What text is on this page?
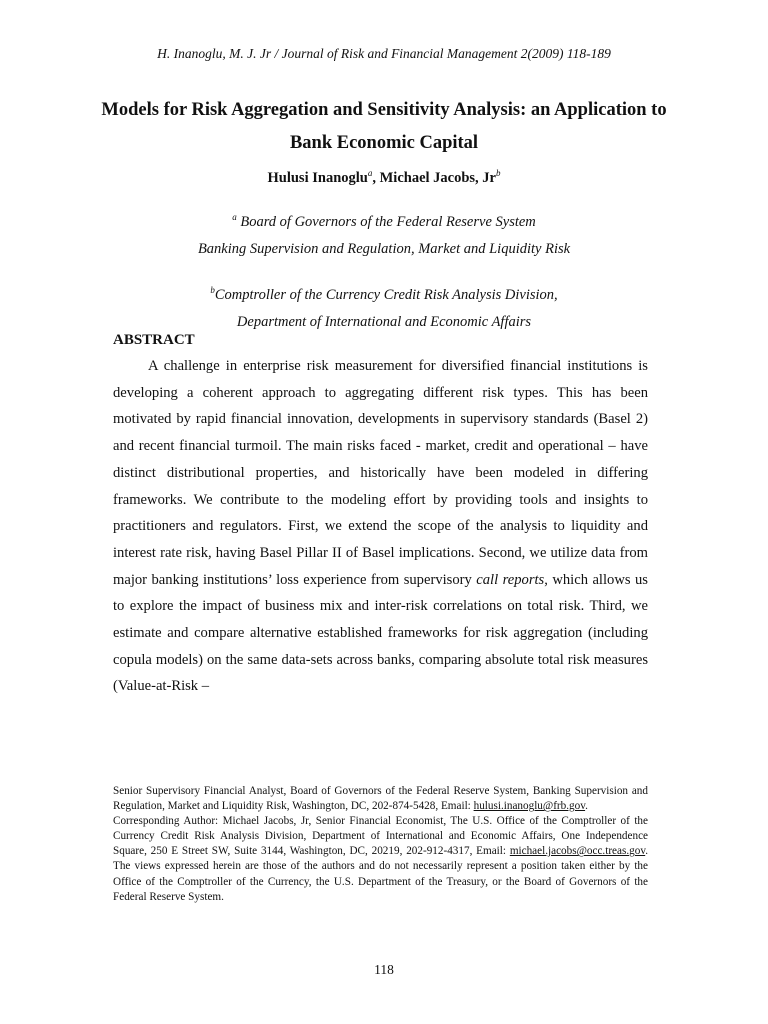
H. Inanoglu, M. J. Jr / Journal of Risk and Financial Management 2(2009) 118-189
Models for Risk Aggregation and Sensitivity Analysis: an Application to Bank Economic Capital
Hulusi Inanoglu$^a$, Michael Jacobs, Jr$^b$
$^a$ Board of Governors of the Federal Reserve System
Banking Supervision and Regulation, Market and Liquidity Risk
$^b$Comptroller of the Currency Credit Risk Analysis Division,
Department of International and Economic Affairs
ABSTRACT

A challenge in enterprise risk measurement for diversified financial institutions is developing a coherent approach to aggregating different risk types. This has been motivated by rapid financial innovation, developments in supervisory standards (Basel 2) and recent financial turmoil. The main risks faced - market, credit and operational – have distinct distributional properties, and historically have been modeled in differing frameworks. We contribute to the modeling effort by providing tools and insights to practitioners and regulators. First, we extend the scope of the analysis to liquidity and interest rate risk, having Basel Pillar II of Basel implications. Second, we utilize data from major banking institutions’ loss experience from supervisory call reports, which allows us to explore the impact of business mix and inter-risk correlations on total risk. Third, we estimate and compare alternative established frameworks for risk aggregation (including copula models) on the same data-sets across banks, comparing absolute total risk measures (Value-at-Risk –

Senior Supervisory Financial Analyst, Board of Governors of the Federal Reserve System, Banking Supervision and Regulation, Market and Liquidity Risk, Washington, DC, 202-874-5428, Email: hulusi.inanoglu@frb.gov.

Corresponding Author: Michael Jacobs, Jr, Senior Financial Economist, The U.S. Office of the Comptroller of the Currency Credit Risk Analysis Division, Department of International and Economic Affairs, One Independence Square, 250 E Street SW, Suite 3144, Washington, DC, 20219, 202-912-4317, Email: michael.jacobs@occ.treas.gov. The views expressed herein are those of the authors and do not necessarily represent a position taken either by the Office of the Comptroller of the Currency, the U.S. Department of the Treasury, or the Board of Governors of the Federal Reserve System.

118
